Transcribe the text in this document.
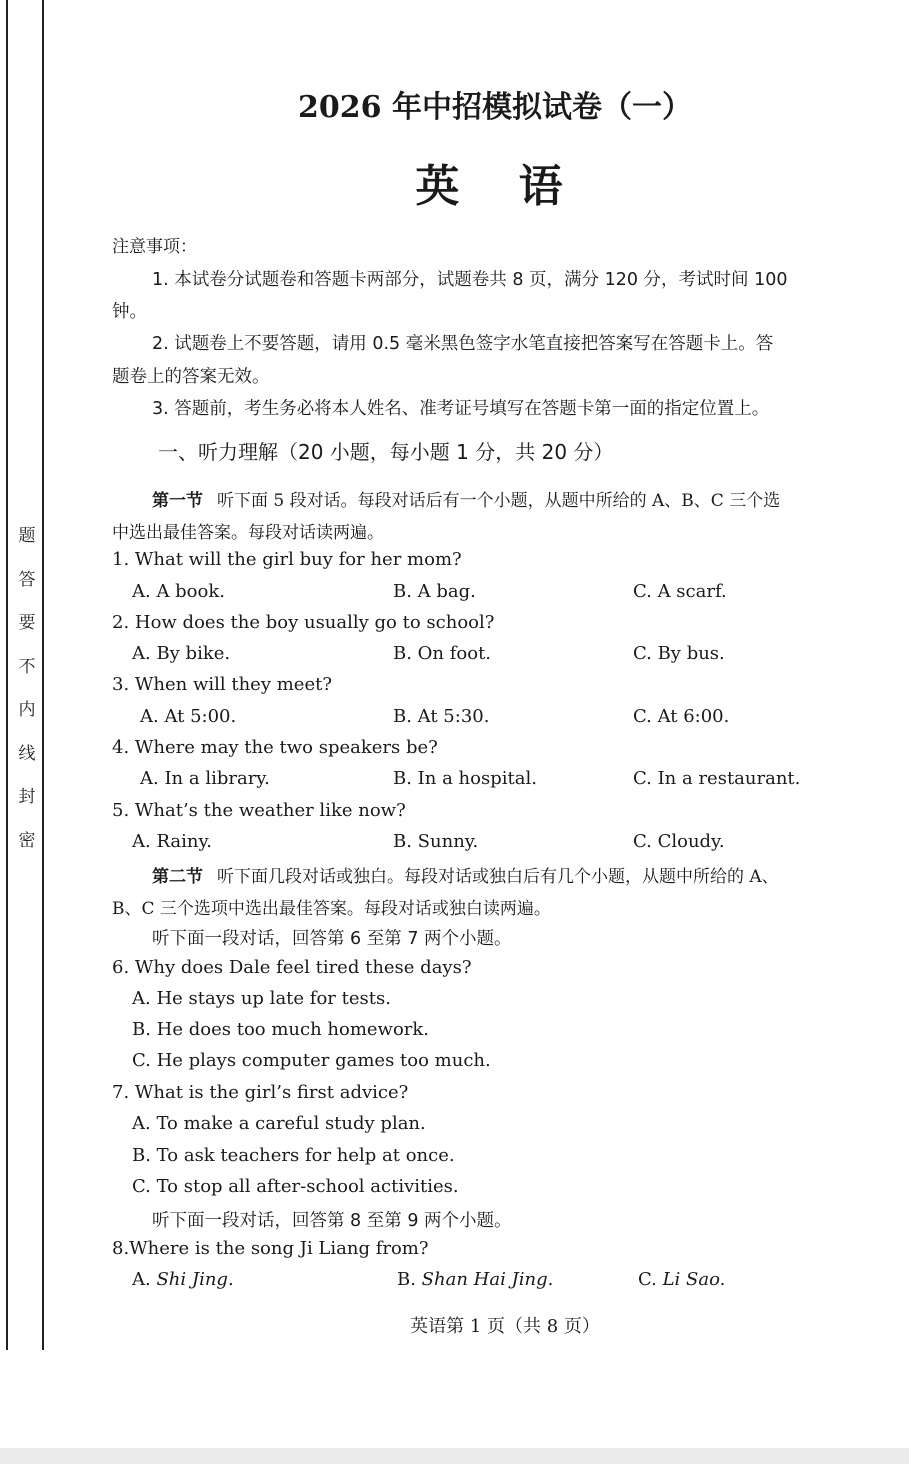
题
答
要
不
内
线
封
密
2026 年中招模拟试卷（一）
英 语
注意事项：
1. 本试卷分试题卷和答题卡两部分，试题卷共 8 页，满分 120 分，考试时间 100
钟。
2. 试题卷上不要答题，请用 0.5 毫米黑色签字水笔直接把答案写在答题卡上。答
题卷上的答案无效。
3. 答题前，考生务必将本人姓名、准考证号填写在答题卡第一面的指定位置上。
一、听力理解（20 小题，每小题 1 分，共 20 分）
第一节 听下面 5 段对话。每段对话后有一个小题，从题中所给的 A、B、C 三个选
中选出最佳答案。每段对话读两遍。
1. What will the girl buy for her mom?
A. A book.	B. A bag.	C. A scarf.
2. How does the boy usually go to school?
A. By bike.	B. On foot.	C. By bus.
3. When will they meet?
A. At 5:00.	B. At 5:30.	C. At 6:00.
4. Where may the two speakers be?
A. In a library.	B. In a hospital.	C. In a restaurant.
5. What’s the weather like now?
A. Rainy.	B. Sunny.	C. Cloudy.
第二节 听下面几段对话或独白。每段对话或独白后有几个小题，从题中所给的 A、
B、C 三个选项中选出最佳答案。每段对话或独白读两遍。
听下面一段对话，回答第 6 至第 7 两个小题。
6. Why does Dale feel tired these days?
A. He stays up late for tests.
B. He does too much homework.
C. He plays computer games too much.
7. What is the girl’s first advice?
A. To make a careful study plan.
B. To ask teachers for help at once.
C. To stop all after-school activities.
听下面一段对话，回答第 8 至第 9 两个小题。
8.Where is the song Ji Liang from?
A. Shi Jing.	B. Shan Hai Jing.	C. Li Sao.
英语第 1 页（共 8 页）
